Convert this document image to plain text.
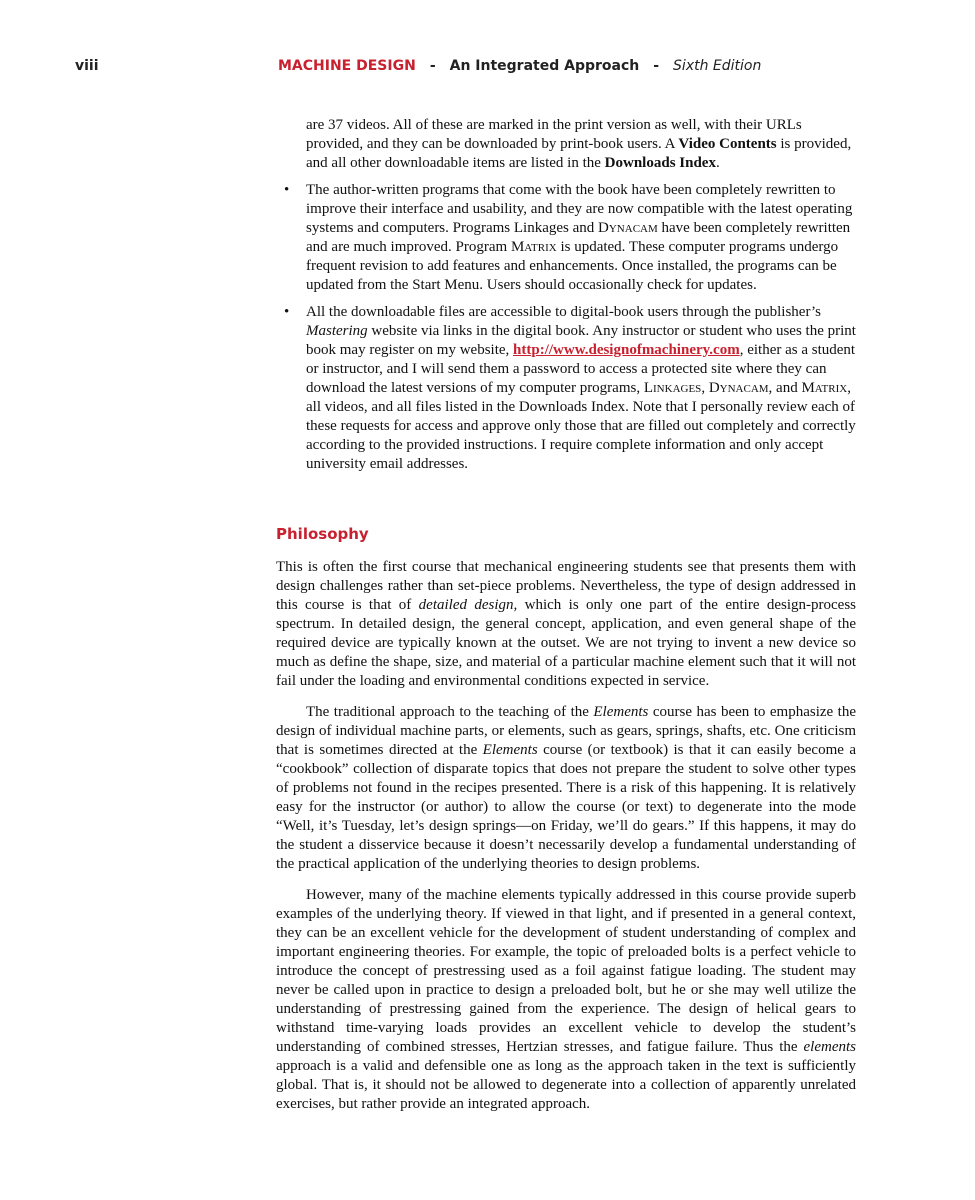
viii	MACHINE DESIGN - An Integrated Approach - Sixth Edition

are 37 videos. All of these are marked in the print version as well, with their URLs provided, and they can be downloaded by print-book users. A Video Contents is provided, and all other downloadable items are listed in the Downloads Index.

• The author-written programs that come with the book have been completely rewritten to improve their interface and usability, and they are now compatible with the latest operating systems and computers. Programs Linkages and Dynacam have been completely rewritten and are much improved. Program Matrix is updated. These computer programs undergo frequent revision to add features and enhancements. Once installed, the programs can be updated from the Start Menu. Users should occasionally check for updates.
• All the downloadable files are accessible to digital-book users through the publisher’s Mastering website via links in the digital book. Any instructor or student who uses the print book may register on my website, http://www.designofmachinery.com, either as a student or instructor, and I will send them a password to access a protected site where they can download the latest versions of my computer programs, Linkages, Dynacam, and Matrix, all videos, and all files listed in the Downloads Index. Note that I personally review each of these requests for access and approve only those that are filled out completely and correctly according to the provided instructions. I require complete information and only accept university email addresses.
Philosophy

This is often the first course that mechanical engineering students see that presents them with design challenges rather than set-piece problems. Nevertheless, the type of design addressed in this course is that of detailed design, which is only one part of the entire design-process spectrum. In detailed design, the general concept, application, and even general shape of the required device are typically known at the outset. We are not trying to invent a new device so much as define the shape, size, and material of a particular machine element such that it will not fail under the loading and environmental conditions expected in service.

The traditional approach to the teaching of the Elements course has been to emphasize the design of individual machine parts, or elements, such as gears, springs, shafts, etc. One criticism that is sometimes directed at the Elements course (or textbook) is that it can easily become a “cookbook” collection of disparate topics that does not prepare the student to solve other types of problems not found in the recipes presented. There is a risk of this happening. It is relatively easy for the instructor (or author) to allow the course (or text) to degenerate into the mode “Well, it’s Tuesday, let’s design springs—on Friday, we’ll do gears.” If this happens, it may do the student a disservice because it doesn’t necessarily develop a fundamental understanding of the practical application of the underlying theories to design problems.

However, many of the machine elements typically addressed in this course provide superb examples of the underlying theory. If viewed in that light, and if presented in a general context, they can be an excellent vehicle for the development of student understanding of complex and important engineering theories. For example, the topic of preloaded bolts is a perfect vehicle to introduce the concept of prestressing used as a foil against fatigue loading. The student may never be called upon in practice to design a preloaded bolt, but he or she may well utilize the understanding of prestressing gained from the experience. The design of helical gears to withstand time-varying loads provides an excellent vehicle to develop the student’s understanding of combined stresses, Hertzian stresses, and fatigue failure. Thus the elements approach is a valid and defensible one as long as the approach taken in the text is sufficiently global. That is, it should not be allowed to degenerate into a collection of apparently unrelated exercises, but rather provide an integrated approach.
